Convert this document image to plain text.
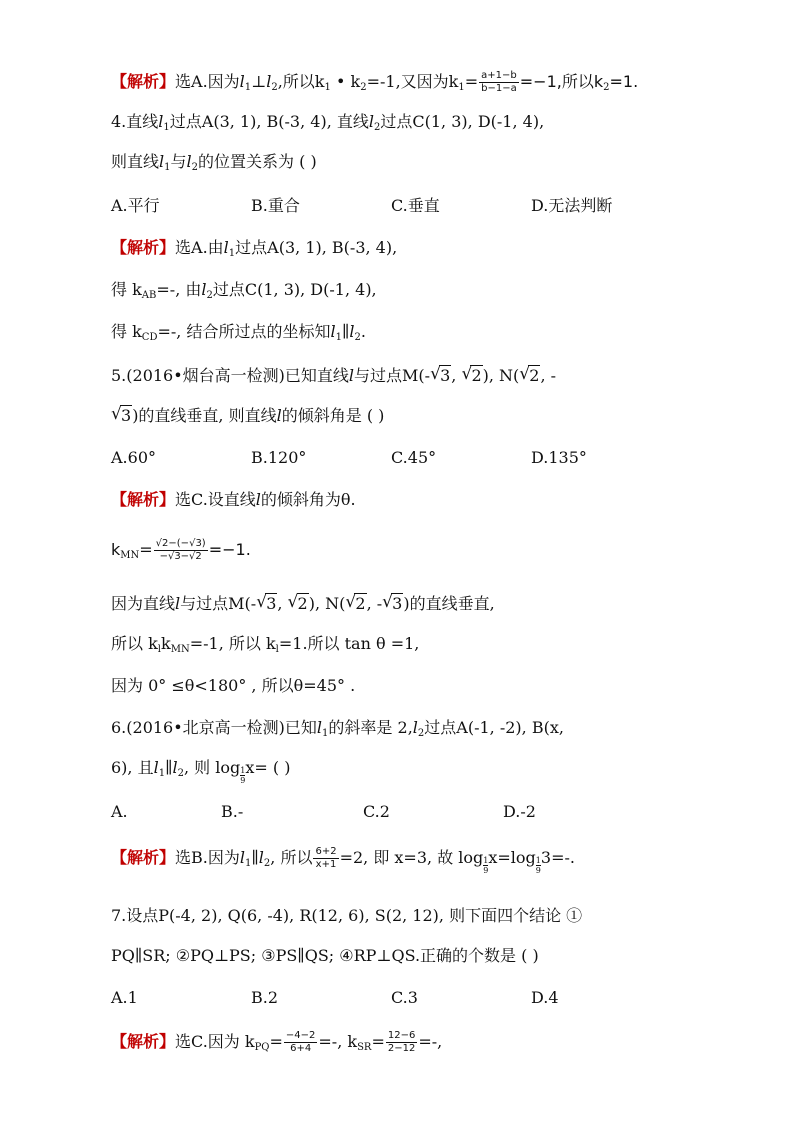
【解析】选A.因为$l_1\perp l_2$,所以$k_1$ • $k_2=-1$,又因为$k_1= \frac{a+1-b}{b-1-a} =-1$,所以$k_2=1$.
4.直线$l_1$过点A(3, 1), B(-3, 4), 直线$l_2$过点C(1, 3), D(-1, 4),
则直线$l_1$与$l_2$的位置关系为 ( )
A.平行	B.重合	C.垂直	D.无法判断
【解析】选A.由$l_1$过点A(3, 1), B(-3, 4),
得 $k_{AB}=-$, 由$l_2$过点C(1, 3), D(-1, 4),
得 $k_{CD}=-$, 结合所过点的坐标知$l_1\parallel l_2$.
5.(2016•烟台高一检测)已知直线l与过点M(- √ 3, √ 2), N( √ 2, -
√ 3)的直线垂直, 则直线l的倾斜角是 ( )
A.60°	B.120°	C.45°	D.135°
【解析】选C.设直线l的倾斜角为θ.
$k_{MN}= \frac{√2-(-√3)}{-√3-√2} =-1$.
因为直线l与过点M(- √ 3, √ 2), N( √ 2, - √ 3)的直线垂直,
所以 $k_lk_{MN}=-1$, 所以 $k_l=1$.所以 tan θ =1,
因为 0° ≤θ<180° , 所以θ=45° .
6.(2016•北京高一检测)已知$l_1$的斜率是 $2,l_2$过点A(-1, -2), B(x,
6), 且$l_1\parallel l_2$, 则 $\log \frac{1}{9} x=$ ( )
A.	B.-	C.2	D.-2
【解析】选B.因为$l_1\parallel l_2$, 所以 $\frac{6+2}{x+1} =2$, 即 x=3, 故 $\log \frac{1}{9} x=\log \frac{1}{9} 3=-$.
7.设点P(-4, 2), Q(6, -4), R(12, 6), S(2, 12), 则下面四个结论 ①
PQ∥SR; ②PQ⊥PS; ③PS∥QS; ④RP⊥QS.正确的个数是 ( )
A.1	B.2	C.3	D.4
【解析】选C.因为 $k_{PQ}= \frac{-4-2}{6+4}$ =-, $k_{SR}= \frac{12-6}{2-12}$ =-,
